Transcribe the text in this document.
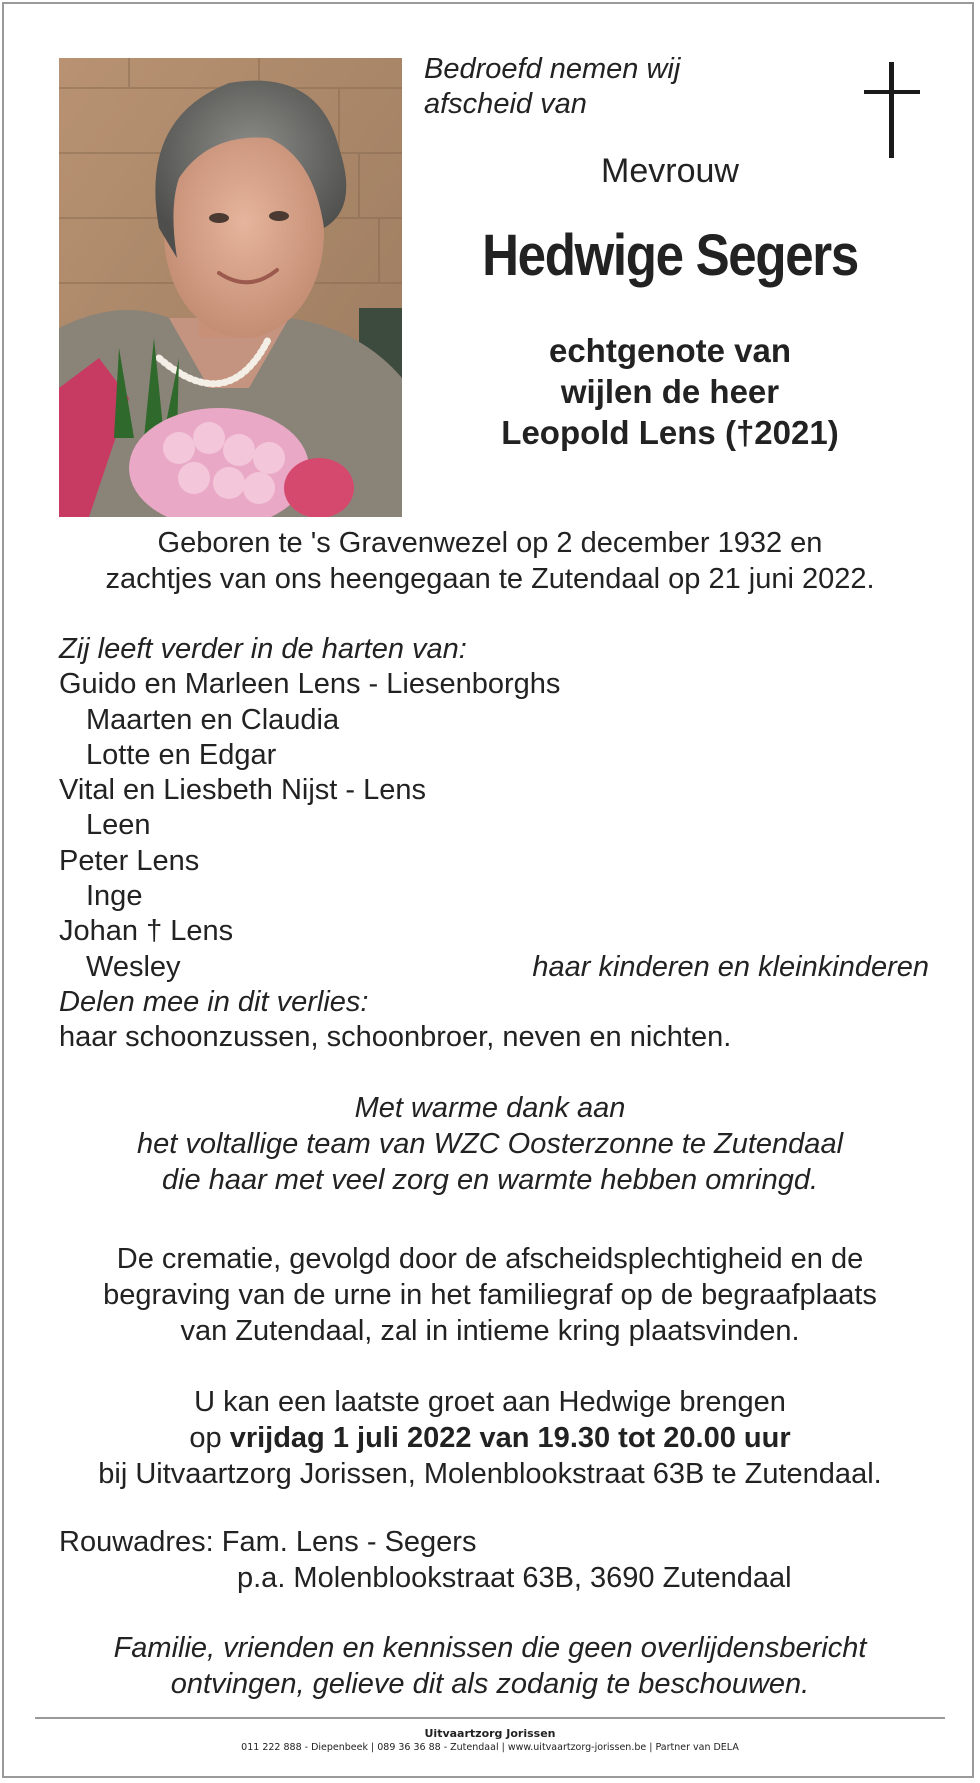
Bedroefd nemen wij
afscheid van
Mevrouw
Hedwige Segers
echtgenote van
wijlen de heer
Leopold Lens (†2021)
Geboren te 's Gravenwezel op 2 december 1932 en
zachtjes van ons heengegaan te Zutendaal op 21 juni 2022.
Zij leeft verder in de harten van:
Guido en Marleen Lens - Liesenborghs
Maarten en Claudia
Lotte en Edgar
Vital en Liesbeth Nijst - Lens
Leen
Peter Lens
Inge
Johan † Lens
Wesley	haar kinderen en kleinkinderen
Delen mee in dit verlies:
haar schoonzussen, schoonbroer, neven en nichten.
Met warme dank aan
het voltallige team van WZC Oosterzonne te Zutendaal
die haar met veel zorg en warmte hebben omringd.
De crematie, gevolgd door de afscheidsplechtigheid en de
begraving van de urne in het familiegraf op de begraafplaats
van Zutendaal, zal in intieme kring plaatsvinden.
U kan een laatste groet aan Hedwige brengen
op vrijdag 1 juli 2022 van 19.30 tot 20.00 uur
bij Uitvaartzorg Jorissen, Molenblookstraat 63B te Zutendaal.
Rouwadres: Fam. Lens - Segers
p.a. Molenblookstraat 63B, 3690 Zutendaal
Familie, vrienden en kennissen die geen overlijdensbericht
ontvingen, gelieve dit als zodanig te beschouwen.
Uitvaartzorg Jorissen
011 222 888 - Diepenbeek | 089 36 36 88 - Zutendaal | www.uitvaartzorg-jorissen.be | Partner van DELA
